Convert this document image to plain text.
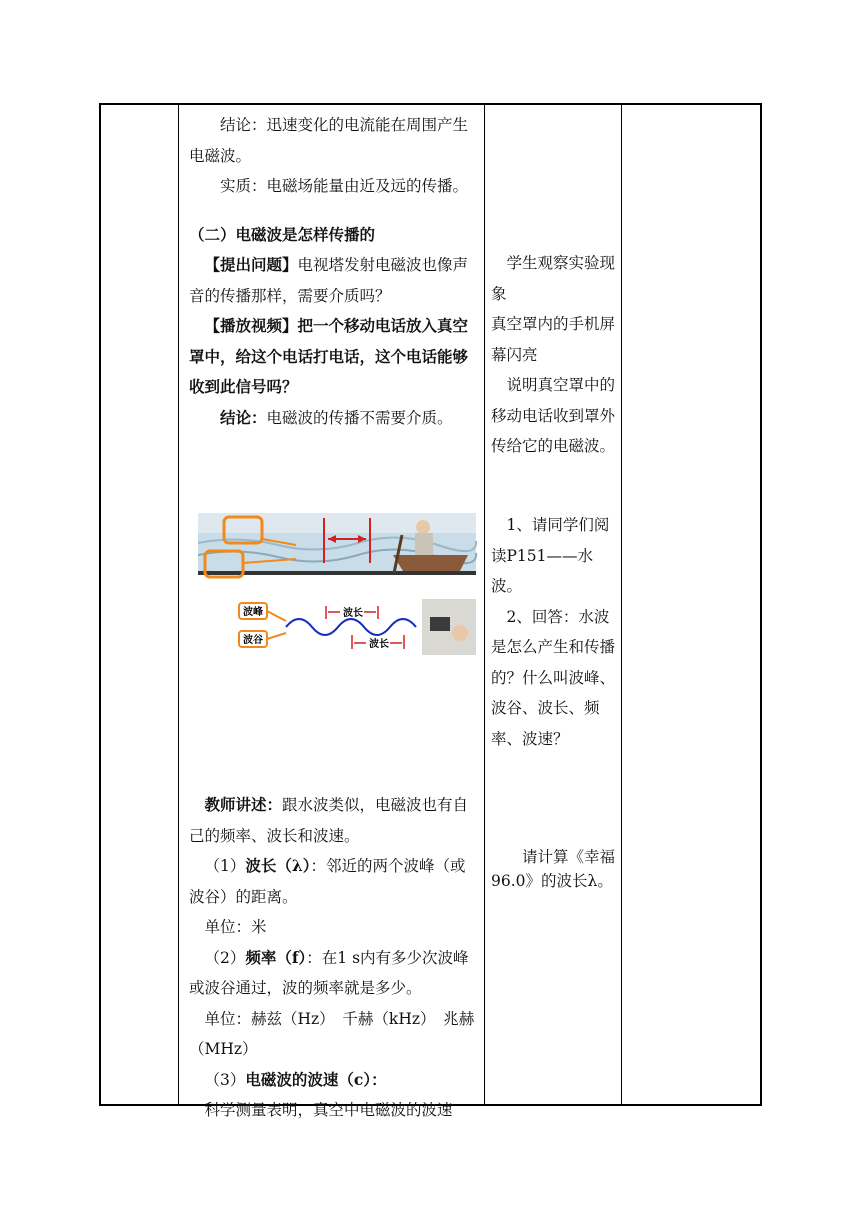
结论：迅速变化的电流能在周围产生电磁波。

实质：电磁场能量由近及远的传播。

（二）电磁波是怎样传播的

【提出问题】电视塔发射电磁波也像声音的传播那样，需要介质吗？

【播放视频】把一个移动电话放入真空罩中，给这个电话打电话，这个电话能够收到此信号吗？

结论：电磁波的传播不需要介质。

波峰
波谷
波长
波长

教师讲述：跟水波类似，电磁波也有自己的频率、波长和波速。

（1）波长（λ）：邻近的两个波峰（或波谷）的距离。

单位：米

（2）频率（f）：在1 s内有多少次波峰或波谷通过，波的频率就是多少。

单位：赫兹（Hz）　千赫（kHz）　兆赫（MHz）

（3）电磁波的波速（c）：

科学测量表明，真空中电磁波的波速

学生观察实验现象

真空罩内的手机屏幕闪亮

说明真空罩中的移动电话收到罩外传给它的电磁波。

1、请同学们阅读P151——水波。

2、回答：水波是怎么产生和传播的？什么叫波峰、波谷、波长、频率、波速？

请计算《幸福96.0》的波长λ。
